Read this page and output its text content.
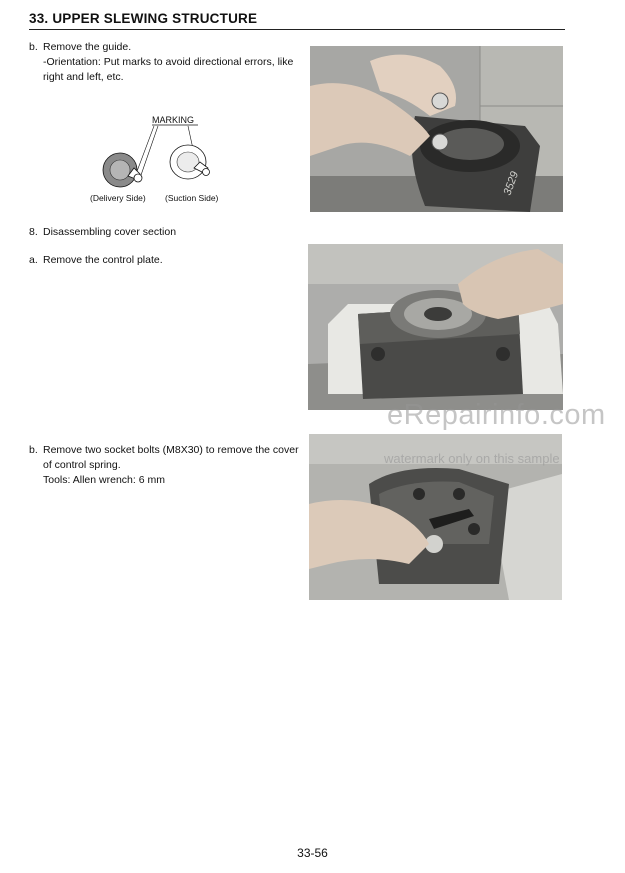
33. UPPER SLEWING STRUCTURE
b. Remove the guide.
-Orientation: Put marks to avoid directional errors, like
right and left, etc.
MARKING
(Delivery Side) (Suction Side)
3529
8. Disassembling cover section
a. Remove the control plate.
b. Remove two socket bolts (M8X30) to remove the cover
of control spring.
Tools: Allen wrench: 6 mm
eRepairinfo.com
watermark only on this sample
33-56
